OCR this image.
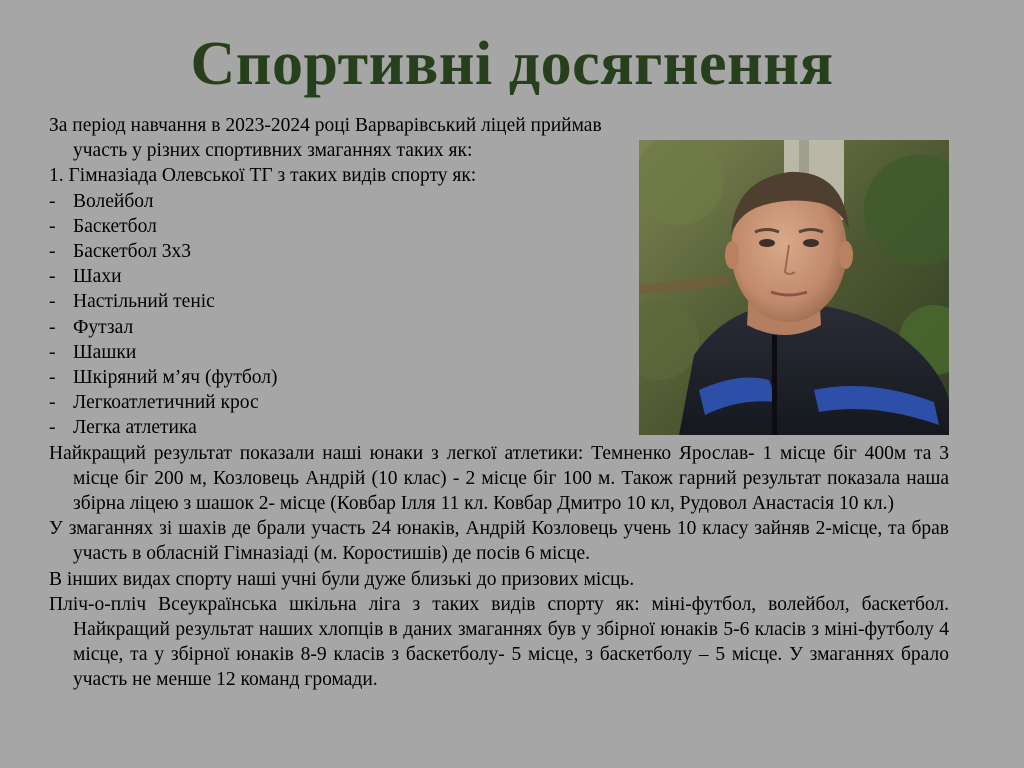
Спортивні досягнення

За період навчання в 2023-2024 році Варварівський ліцей приймав участь у різних спортивних змаганнях таких як:

1. Гімназіада Олевської ТГ з таких видів спорту як:

- Волейбол
- Баскетбол
- Баскетбол 3х3
- Шахи
- Настільний теніс
- Футзал
- Шашки
- Шкіряний м’яч (футбол)
- Легкоатлетичний крос
- Легка атлетика

Найкращий результат показали наші юнаки з легкої атлетики: Темненко Ярослав- 1 місце біг 400м та 3 місце біг 200 м, Козловець Андрій (10 клас) - 2 місце біг 100 м. Також гарний результат показала наша збірна ліцею з шашок 2- місце (Ковбар Ілля 11 кл. Ковбар Дмитро 10 кл, Рудовол Анастасія 10 кл.)

У змаганнях зі шахів де брали участь 24 юнаків, Андрій Козловець учень 10 класу зайняв 2-місце, та брав участь в обласній Гімназіаді (м. Коростишів) де посів 6 місце.

В інших видах спорту наші учні були дуже близькі до призових місць.

Пліч-о-пліч Всеукраїнська шкільна ліга з таких видів спорту як: міні-футбол, волейбол, баскетбол. Найкращий результат наших хлопців в даних змаганнях був у збірної юнаків 5-6 класів з міні-футболу 4 місце, та у збірної юнаків 8-9 класів з баскетболу- 5 місце, з баскетболу – 5 місце. У змаганнях брало участь не менше 12 команд громади.
